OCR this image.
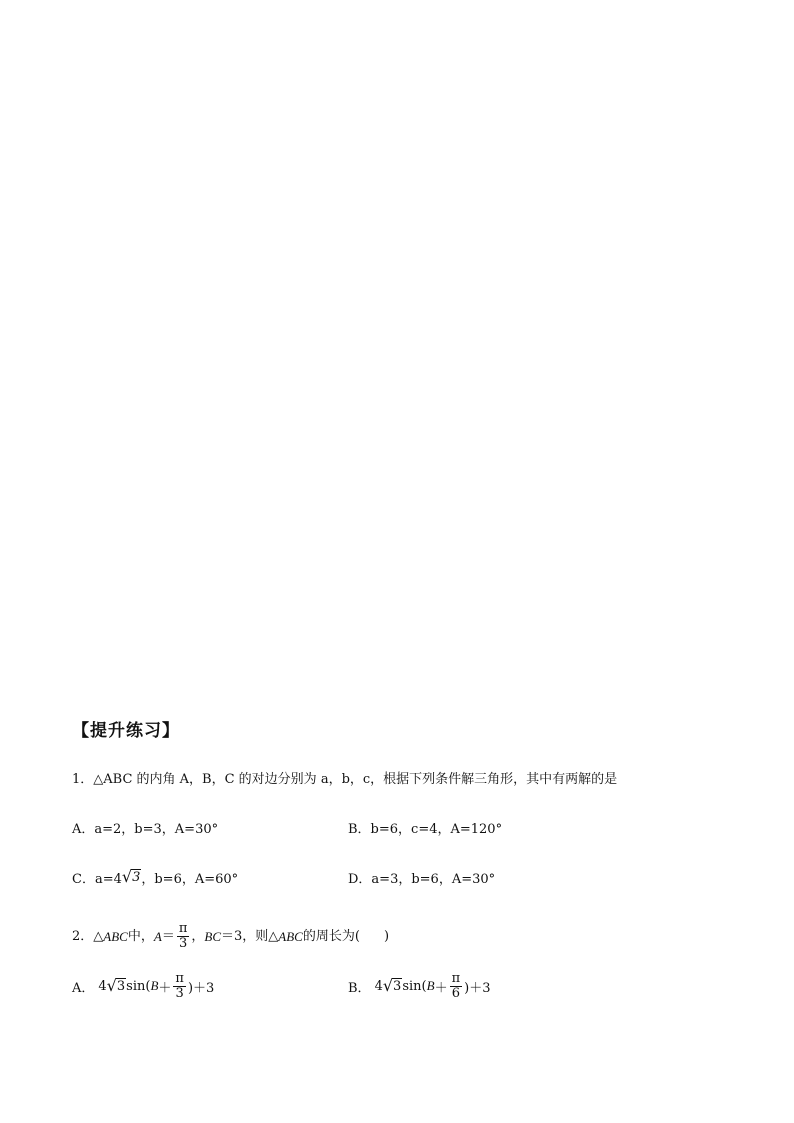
【提升练习】
1．△ABC 的内角 A，B，C 的对边分别为 a，b，c，根据下列条件解三角形，其中有两解的是
A．a=2，b=3，A=30°	B．b=6，c=4，A=120°
C．a=4 √ 3 ，b=6，A=60°	D．a=3，b=6，A=30°
2． △ ABC 中， $A = \frac{\pi}{3}$ ， BC ＝3，则 △ ABC 的周长为( )
A． 4 √ 3 sin( $B + \frac{\pi}{3} )+3$	B． 4 √ 3 sin( $B + \frac{\pi}{6} )+3$
